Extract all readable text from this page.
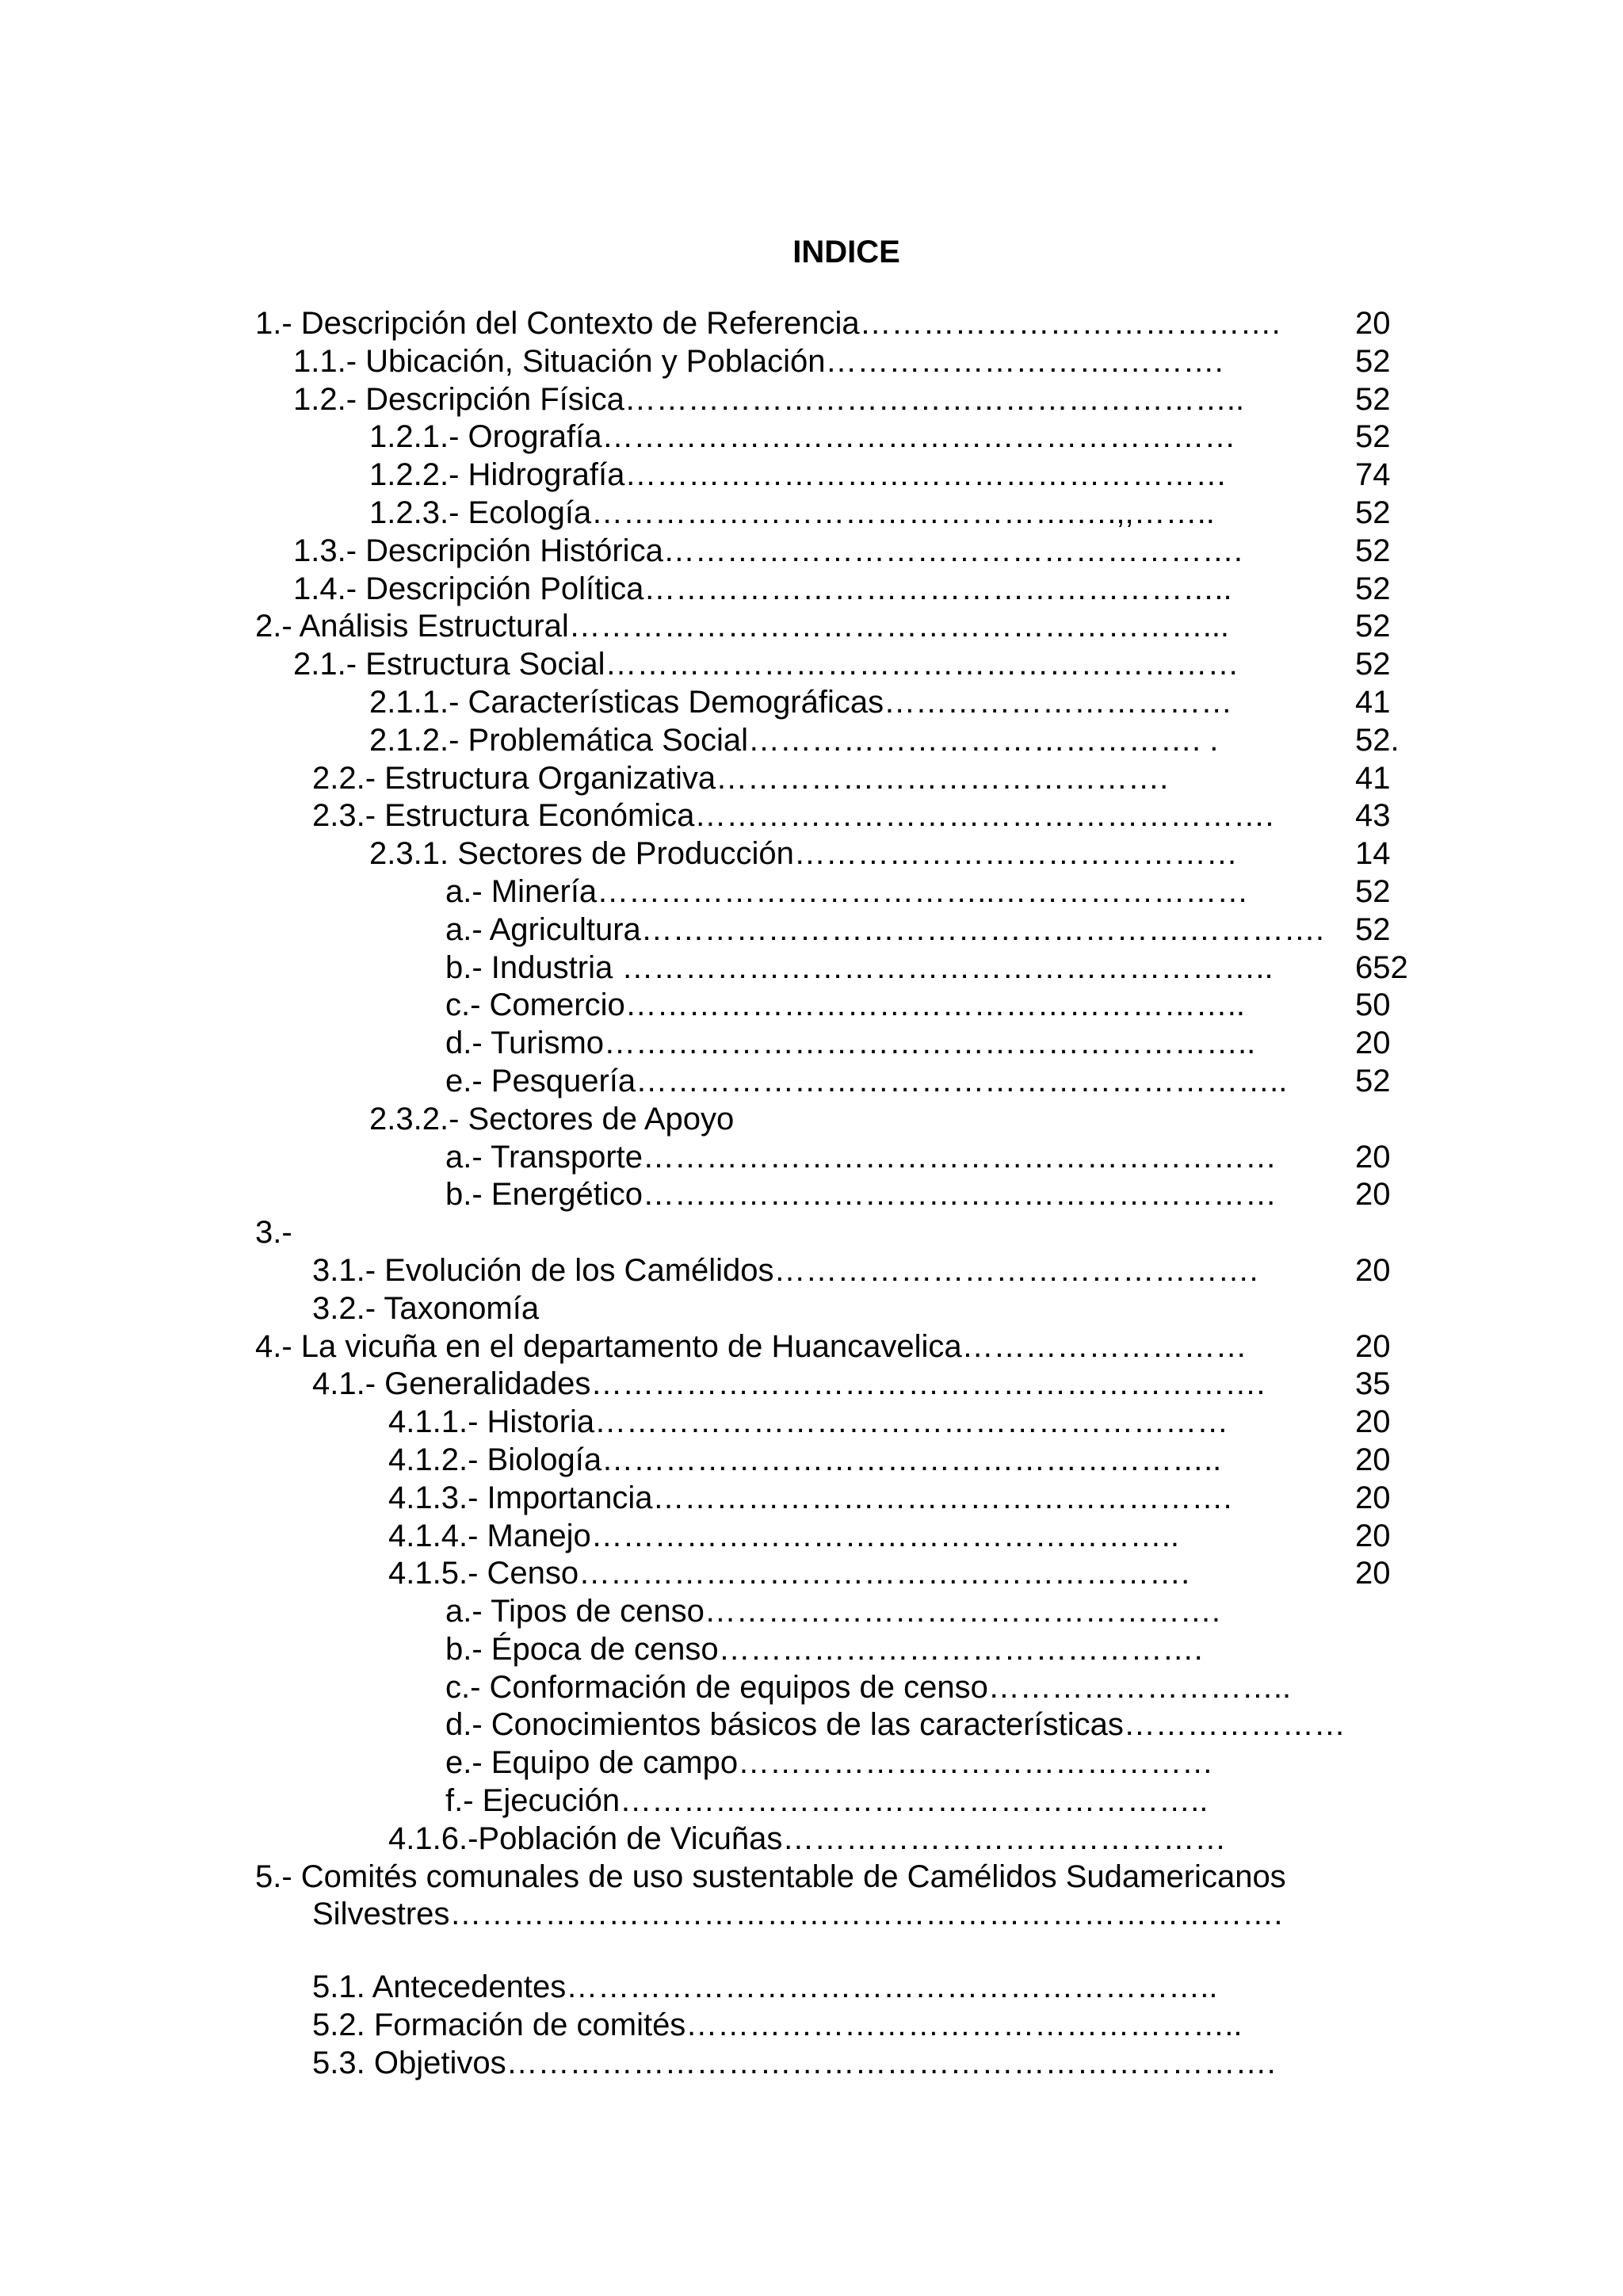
INDICE
1.- Descripción del Contexto de Referencia…………………………………. 20
1.1.- Ubicación, Situación y Población……………………….……….	52
1.2.- Descripción Física…………………………………………………..	52
1.2.1.- Orografía……………………………………………………	52
1.2.2.- Hidrografía…………………………………………………	74
1.2.3.- Ecología……………………………………….….,,……..	52
1.3.- Descripción Histórica……………………………………………….	52
1.4.- Descripción Política………………………………………………..	52
2.- Análisis Estructural……………………………………………………...	52
2.1.- Estructura Social……………………………………………………	52
2.1.1.- Características Demográficas……………………………	41
2.1.2.- Problemática Social……………………………………. .	52.
2.2.- Estructura Organizativa…………………………………….	41
2.3.- Estructura Económica……………………………………………….	43
2.3.1. Sectores de Producción……………………………………	14
a.- Minería………………………………..……………………	52
a.- Agricultura…………………………………………….…………. 52
b.- Industria ……………………………………………………..	652
c.- Comercio…………………………………………………..	50
d.- Turismo……………………………………………………..	20
e.- Pesquería…………………………………………………….. 52
2.3.2.- Sectores de Apoyo
a.- Transporte…………………………………………………… 20
b.- Energético…………………………………………………… 20
3.-
3.1.- Evolución de los Camélidos……………………………………….	20
3.2.- Taxonomía
4.- La vicuña en el departamento de Huancavelica………………………	20
4.1.- Generalidades……………………………………………………….	35
4.1.1.- Historia……………………………………………………	20
4.1.2.- Biología…………………………………………………..	20
4.1.3.- Importancia……………………………………………….	20
4.1.4.- Manejo………………………………………………..	20
4.1.5.- Censo………………………………………………….	20
a.- Tipos de censo………………………………………….
b.- Época de censo……………………………………….
c.- Conformación de equipos de censo………………………..
d.- Conocimientos básicos de las características…………………
e.- Equipo de campo………………………………………
f.- Ejecución………………………………………………..
4.1.6.-Población de Vicuñas……………………………………
5.- Comités comunales de uso sustentable de Camélidos Sudamericanos
Silvestres…………………………………………………………………….
5.1. Antecedentes……………………………………………………..
5.2. Formación de comités……………………………………………..
5.3. Objetivos……………………………………………………………….
